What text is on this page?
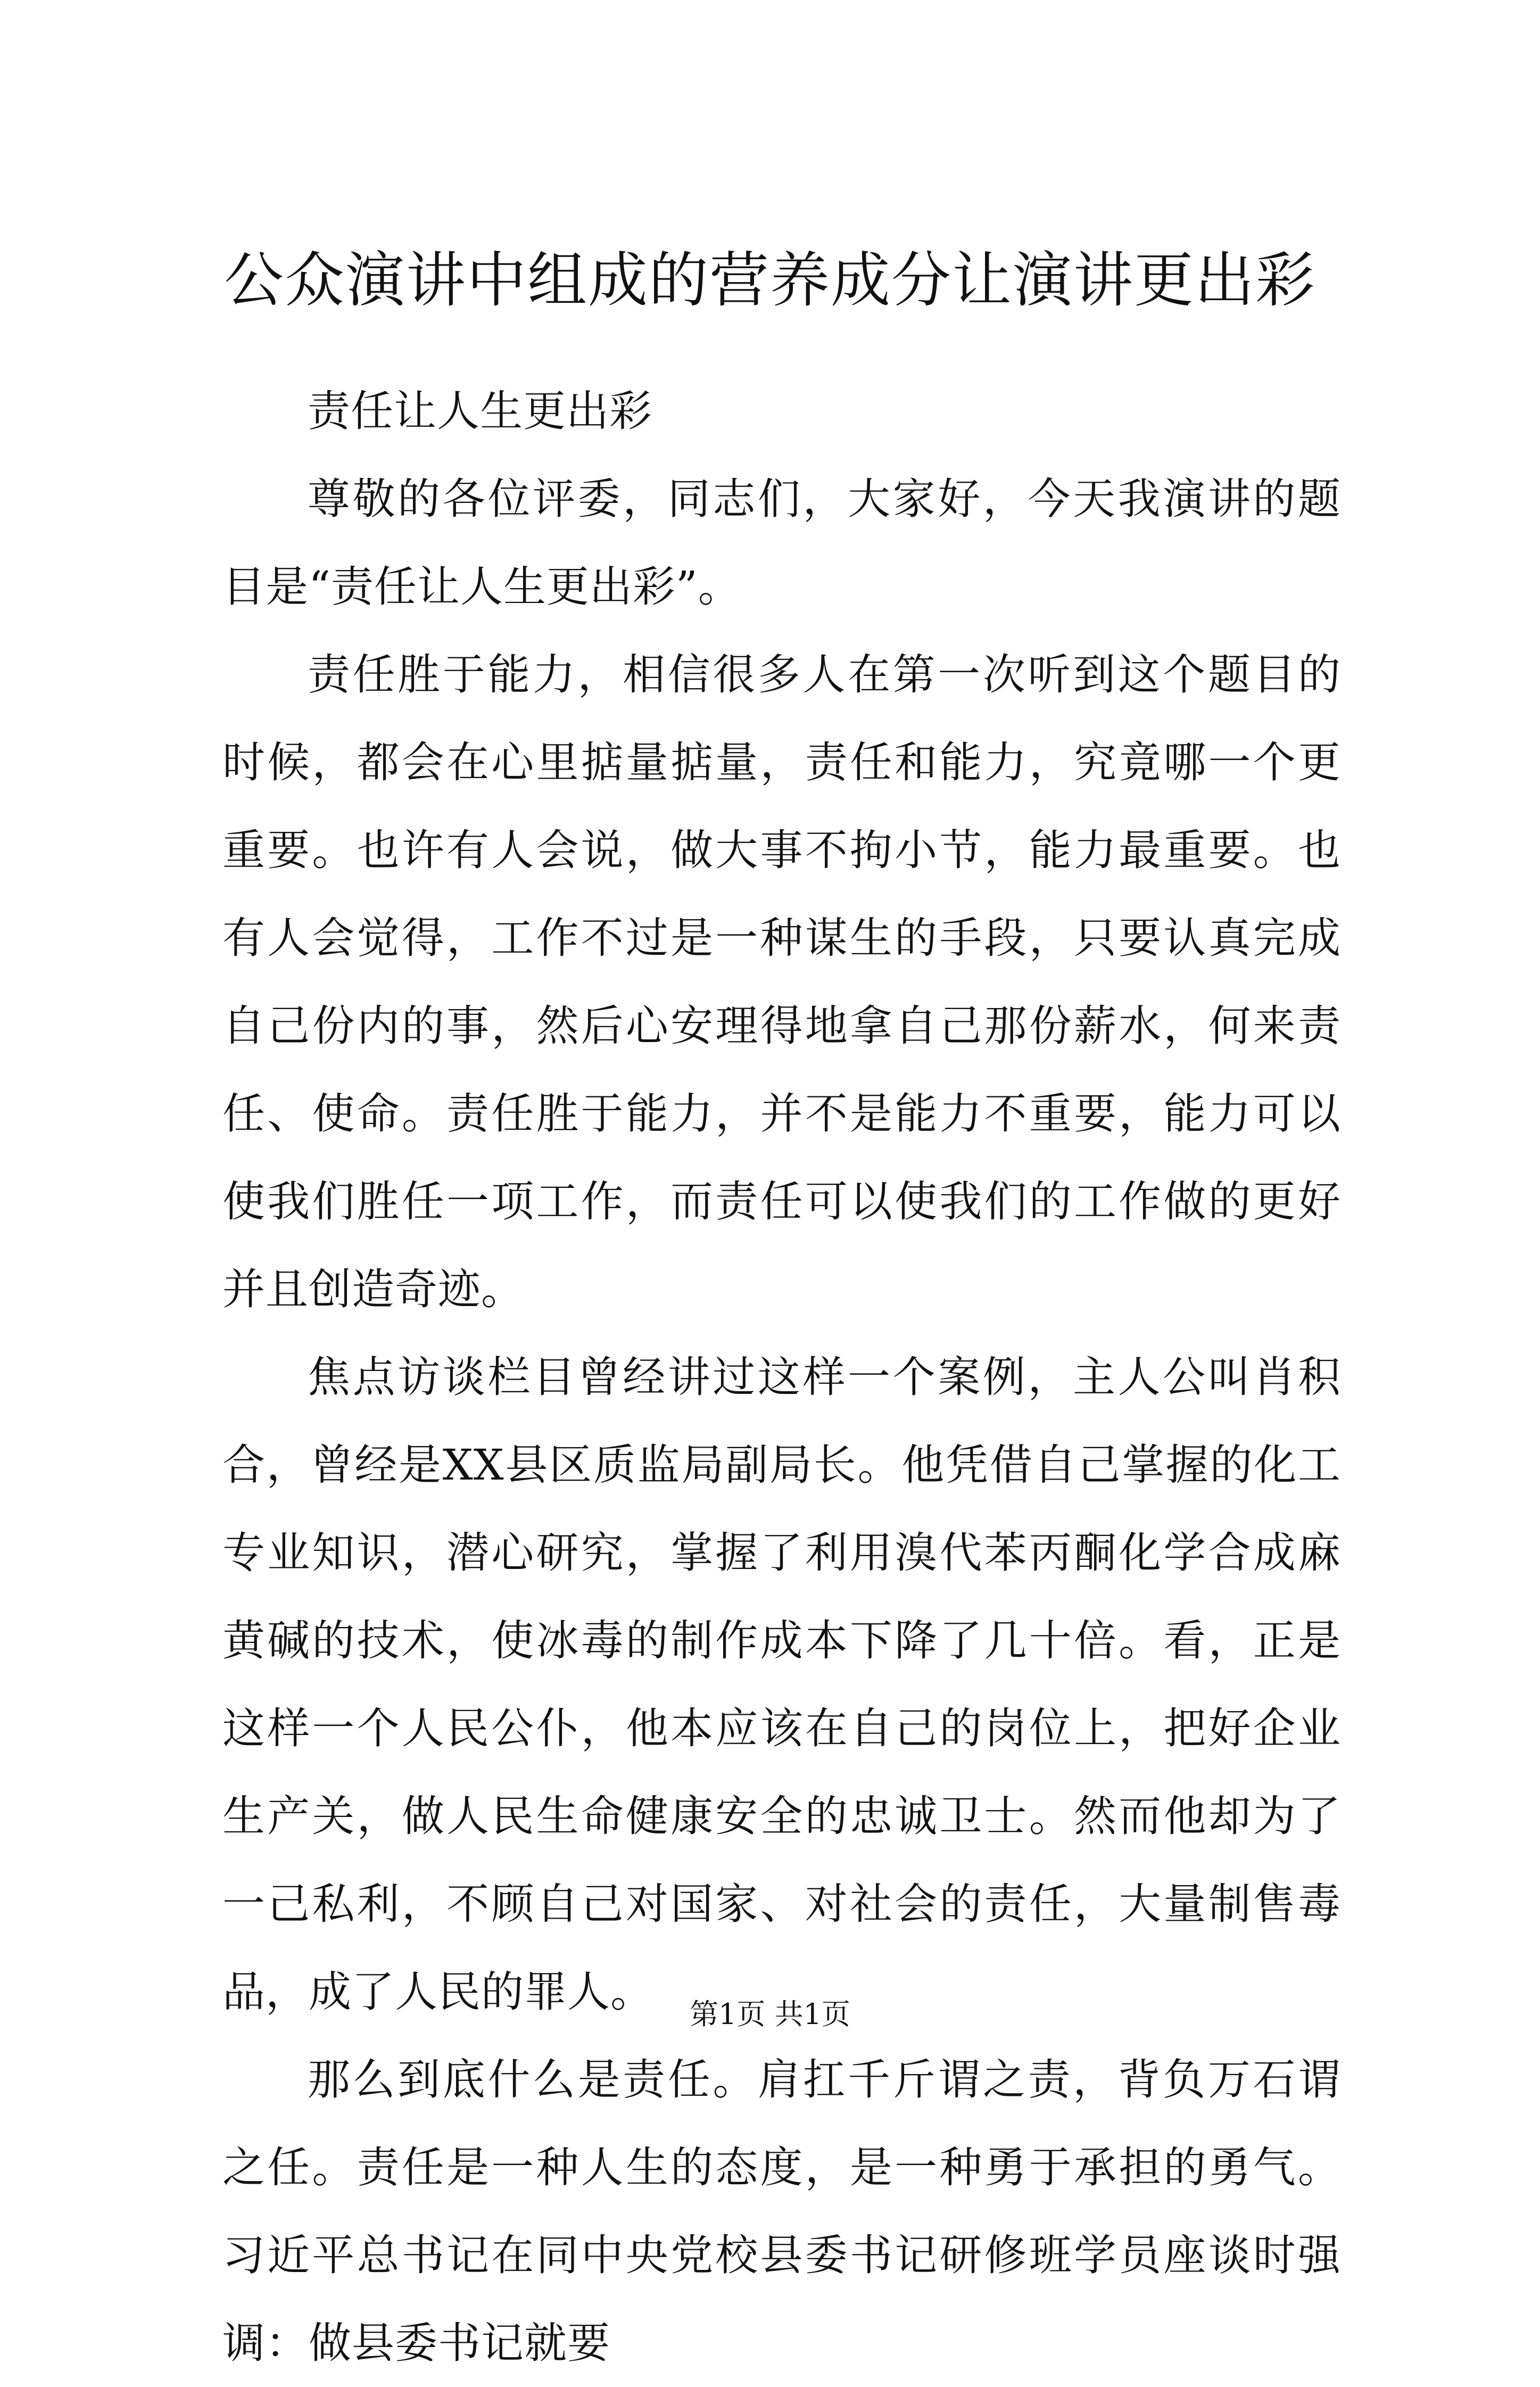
公众演讲中组成的营养成分让演讲更出彩

责任让人生更出彩

尊敬的各位评委，同志们，大家好，今天我演讲的题目是“责任让人生更出彩”。

责任胜于能力，相信很多人在第一次听到这个题目的时候，都会在心里掂量掂量，责任和能力，究竟哪一个更重要。也许有人会说，做大事不拘小节，能力最重要。也有人会觉得，工作不过是一种谋生的手段，只要认真完成自己份内的事，然后心安理得地拿自己那份薪水，何来责任、使命。责任胜于能力，并不是能力不重要，能力可以使我们胜任一项工作，而责任可以使我们的工作做的更好并且创造奇迹。

焦点访谈栏目曾经讲过这样一个案例，主人公叫肖积合，曾经是XX县区质监局副局长。他凭借自己掌握的化工专业知识，潜心研究，掌握了利用溴代苯丙酮化学合成麻黄碱的技术，使冰毒的制作成本下降了几十倍。看，正是这样一个人民公仆，他本应该在自己的岗位上，把好企业生产关，做人民生命健康安全的忠诚卫士。然而他却为了一己私利，不顾自己对国家、对社会的责任，大量制售毒品，成了人民的罪人。

那么到底什么是责任。肩扛千斤谓之责，背负万石谓之任。责任是一种人生的态度，是一种勇于承担的勇气。习近平总书记在同中央党校县委书记研修班学员座谈时强调：做县委书记就要

第1页 共1页
